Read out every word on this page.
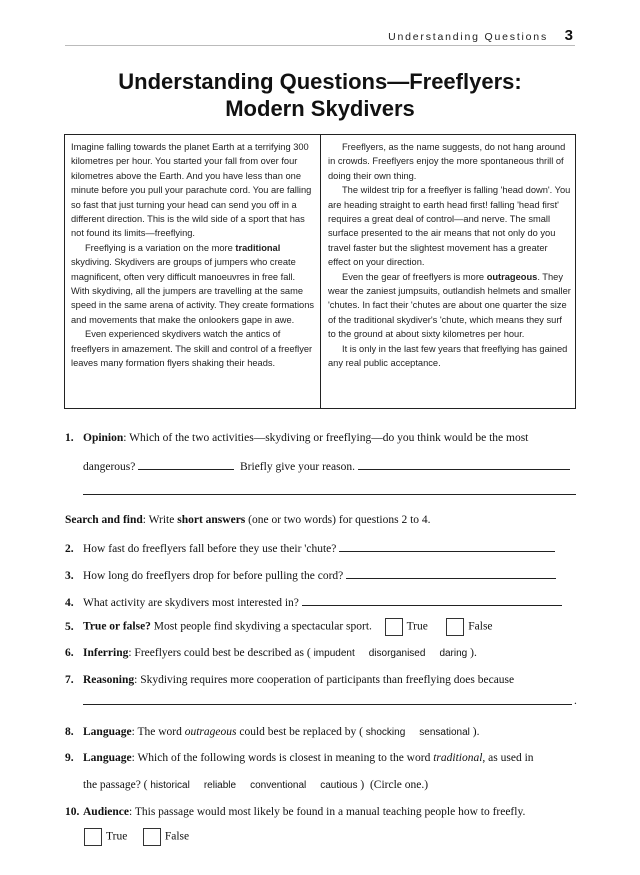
Understanding Questions 3
Understanding Questions—Freeflyers:
Modern Skydivers

Imagine falling towards the planet Earth at a terrifying 300 kilometres per hour. You started your fall from over four kilometres above the Earth. And you have less than one minute before you pull your parachute cord. You are falling so fast that just turning your head can send you off in a different direction. This is the wild side of a sport that has not found its limits—freeflying.

Freeflying is a variation on the more traditional skydiving. Skydivers are groups of jumpers who create magnificent, often very difficult manoeuvres in free fall. With skydiving, all the jumpers are travelling at the same speed in the same arena of activity. They create formations and movements that make the onlookers gape in awe.

Even experienced skydivers watch the antics of freeflyers in amazement. The skill and control of a freeflyer leaves many formation flyers shaking their heads.

Freeflyers, as the name suggests, do not hang around in crowds. Freeflyers enjoy the more spontaneous thrill of doing their own thing.

The wildest trip for a freeflyer is falling 'head down'. You are heading straight to earth head first! falling 'head first' requires a great deal of control—and nerve. The small surface presented to the air means that not only do you travel faster but the slightest movement has a greater effect on your direction.

Even the gear of freeflyers is more outrageous. They wear the zaniest jumpsuits, outlandish helmets and smaller 'chutes. In fact their 'chutes are about one quarter the size of the traditional skydiver's 'chute, which means they surf to the ground at about sixty kilometres per hour.

It is only in the last few years that freeflying has gained any real public acceptance.

1. Opinion: Which of the two activities—skydiving or freeflying—do you think would be the most
dangerous?	Briefly give your reason.
Search and find: Write short answers (one or two words) for questions 2 to 4.
2. How fast do freeflyers fall before they use their 'chute?
3. How long do freeflyers drop for before pulling the cord?
4. What activity are skydivers most interested in?
5. True or false? Most people find skydiving a spectacular sport.	True	False
6. Inferring: Freeflyers could best be described as ( impudent disorganised daring ).
7. Reasoning: Skydiving requires more cooperation of participants than freeflying does because
.
8. Language: The word outrageous could best be replaced by ( shocking sensational ).
9. Language: Which of the following words is closest in meaning to the word traditional, as used in
the passage? ( historical reliable conventional cautious ) (Circle one.)
10. Audience: This passage would most likely be found in a manual teaching people how to freefly.
True	False
